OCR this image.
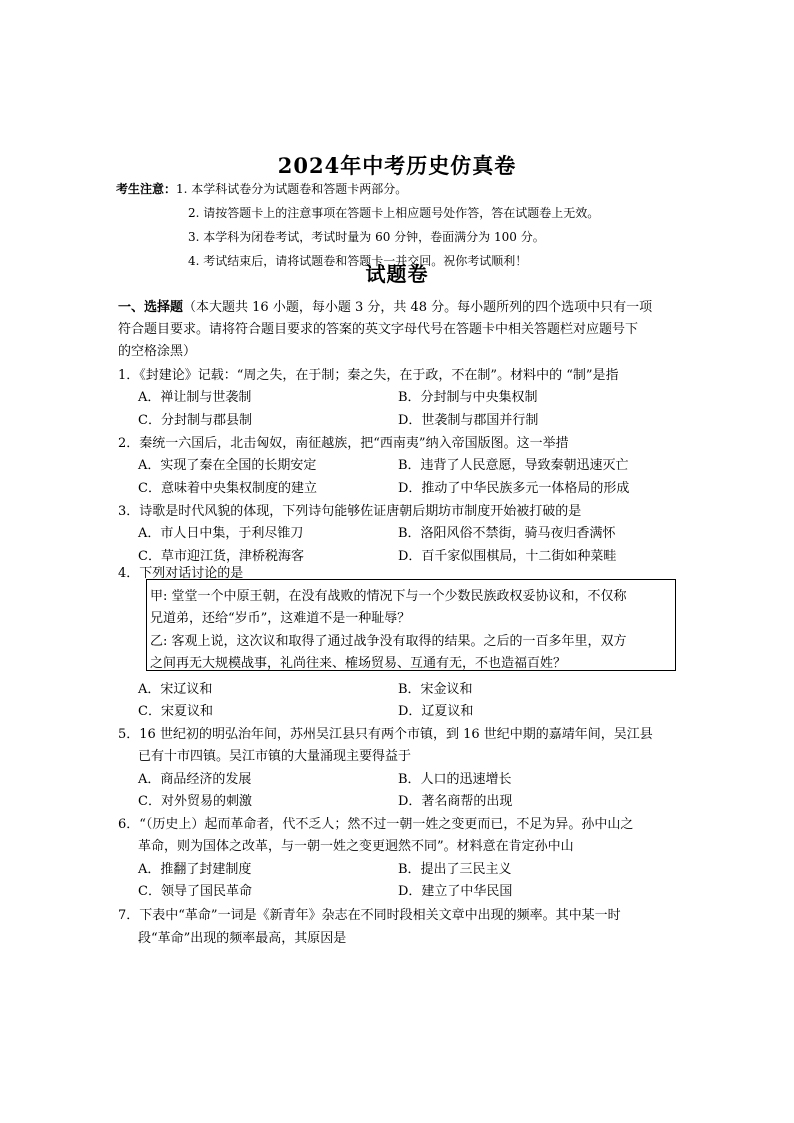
2024年中考历史仿真卷
考生注意：1. 本学科试卷分为试题卷和答题卡两部分。
2. 请按答题卡上的注意事项在答题卡上相应题号处作答，答在试题卷上无效。
3. 本学科为闭卷考试，考试时量为 60 分钟，卷面满分为 100 分。
4. 考试结束后，请将试题卷和答题卡一并交回。祝你考试顺利！
试题卷
一、选择题（本大题共 16 小题，每小题 3 分，共 48 分。每小题所列的四个选项中只有一项
符合题目要求。请将符合题目要求的答案的英文字母代号在答题卡中相关答题栏对应题号下
的空格涂黑）
1．《封建论》记载：“周之失，在于制；秦之失，在于政，不在制”。材料中的 “制”是指
A．禅让制与世袭制	B．分封制与中央集权制
C．分封制与郡县制	D．世袭制与郡国并行制
2．秦统一六国后，北击匈奴，南征越族，把“西南夷”纳入帝国版图。这一举措
A．实现了秦在全国的长期安定	B．违背了人民意愿，导致秦朝迅速灭亡
C．意味着中央集权制度的建立	D．推动了中华民族多元一体格局的形成
3．诗歌是时代风貌的体现，下列诗句能够佐证唐朝后期坊市制度开始被打破的是
A．市人日中集，于利尽锥刀	B．洛阳风俗不禁街，骑马夜归香满怀
C．草市迎江货，津桥税海客	D．百千家似围棋局，十二街如种菜畦
4．下列对话讨论的是
甲: 堂堂一个中原王朝，在没有战败的情况下与一个少数民族政权妥协议和，不仅称
兄道弟，还给“岁币”，这难道不是一种耻辱？
乙: 客观上说，这次议和取得了通过战争没有取得的结果。之后的一百多年里，双方
之间再无大规模战事，礼尚往来、榷场贸易、互通有无，不也造福百姓？
A．宋辽议和	B．宋金议和
C．宋夏议和	D．辽夏议和
5．16 世纪初的明弘治年间，苏州吴江县只有两个市镇，到 16 世纪中期的嘉靖年间，吴江县
已有十市四镇。吴江市镇的大量涌现主要得益于
A．商品经济的发展	B．人口的迅速增长
C．对外贸易的刺激	D．著名商帮的出现
6．“（历史上）起而革命者，代不乏人；然不过一朝一姓之变更而已，不足为异。孙中山之
革命，则为国体之改革，与一朝一姓之变更迥然不同”。材料意在肯定孙中山
A．推翻了封建制度	B．提出了三民主义
C．领导了国民革命	D．建立了中华民国
7．下表中“革命”一词是《新青年》杂志在不同时段相关文章中出现的频率。其中某一时
段“革命”出现的频率最高，其原因是
